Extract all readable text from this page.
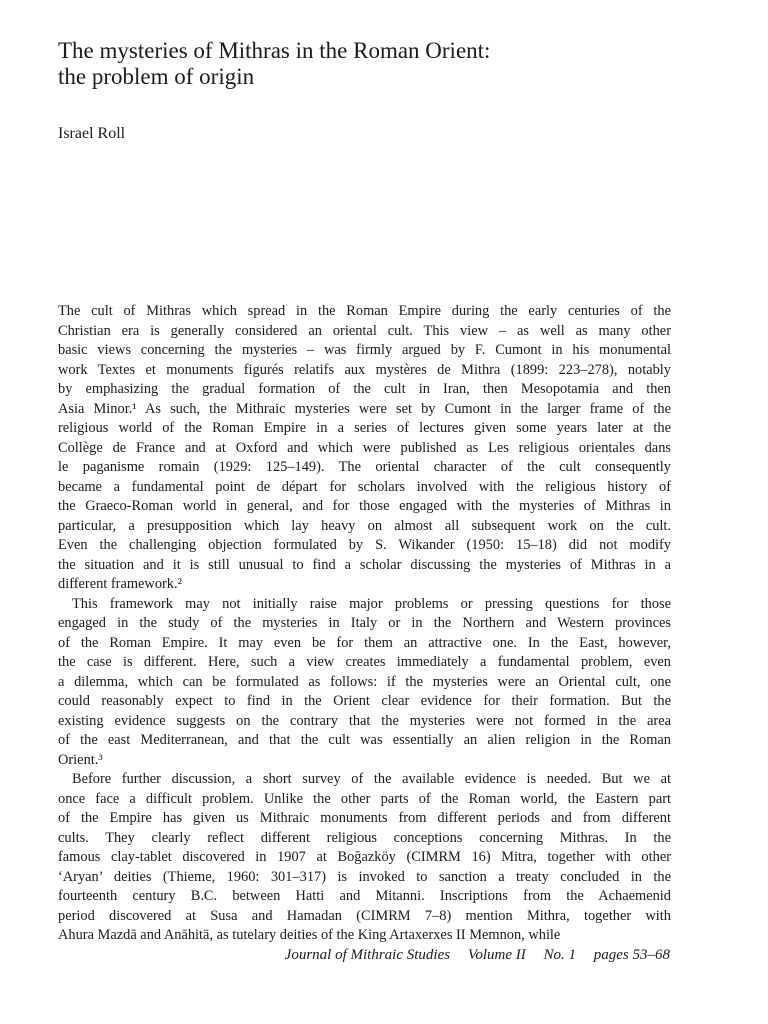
The mysteries of Mithras in the Roman Orient:
the problem of origin

Israel Roll

The cult of Mithras which spread in the Roman Empire during the early centuries of the
Christian era is generally considered an oriental cult. This view – as well as many other
basic views concerning the mysteries – was firmly argued by F. Cumont in his monumental
work Textes et monuments figurés relatifs aux mystères de Mithra (1899: 223–278), notably
by emphasizing the gradual formation of the cult in Iran, then Mesopotamia and then
Asia Minor.¹ As such, the Mithraic mysteries were set by Cumont in the larger frame of the
religious world of the Roman Empire in a series of lectures given some years later at the
Collège de France and at Oxford and which were published as Les religious orientales dans
le paganisme romain (1929: 125–149). The oriental character of the cult consequently
became a fundamental point de départ for scholars involved with the religious history of
the Graeco-Roman world in general, and for those engaged with the mysteries of Mithras in
particular, a presupposition which lay heavy on almost all subsequent work on the cult.
Even the challenging objection formulated by S. Wikander (1950: 15–18) did not modify
the situation and it is still unusual to find a scholar discussing the mysteries of Mithras in a
different framework.²

This framework may not initially raise major problems or pressing questions for those
engaged in the study of the mysteries in Italy or in the Northern and Western provinces
of the Roman Empire. It may even be for them an attractive one. In the East, however,
the case is different. Here, such a view creates immediately a fundamental problem, even
a dilemma, which can be formulated as follows: if the mysteries were an Oriental cult, one
could reasonably expect to find in the Orient clear evidence for their formation. But the
existing evidence suggests on the contrary that the mysteries were not formed in the area
of the east Mediterranean, and that the cult was essentially an alien religion in the Roman
Orient.³

Before further discussion, a short survey of the available evidence is needed. But we at
once face a difficult problem. Unlike the other parts of the Roman world, the Eastern part
of the Empire has given us Mithraic monuments from different periods and from different
cults. They clearly reflect different religious conceptions concerning Mithras. In the
famous clay-tablet discovered in 1907 at Boğazköy (CIMRM 16) Mitra, together with other
‘Aryan’ deities (Thieme, 1960: 301–317) is invoked to sanction a treaty concluded in the
fourteenth century B.C. between Hatti and Mitanni. Inscriptions from the Achaemenid
period discovered at Susa and Hamadan (CIMRM 7–8) mention Mithra, together with
Ahura Mazdā and Anāhitā, as tutelary deities of the King Artaxerxes II Memnon, while

Journal of Mithraic Studies Volume II No. 1 pages 53–68
